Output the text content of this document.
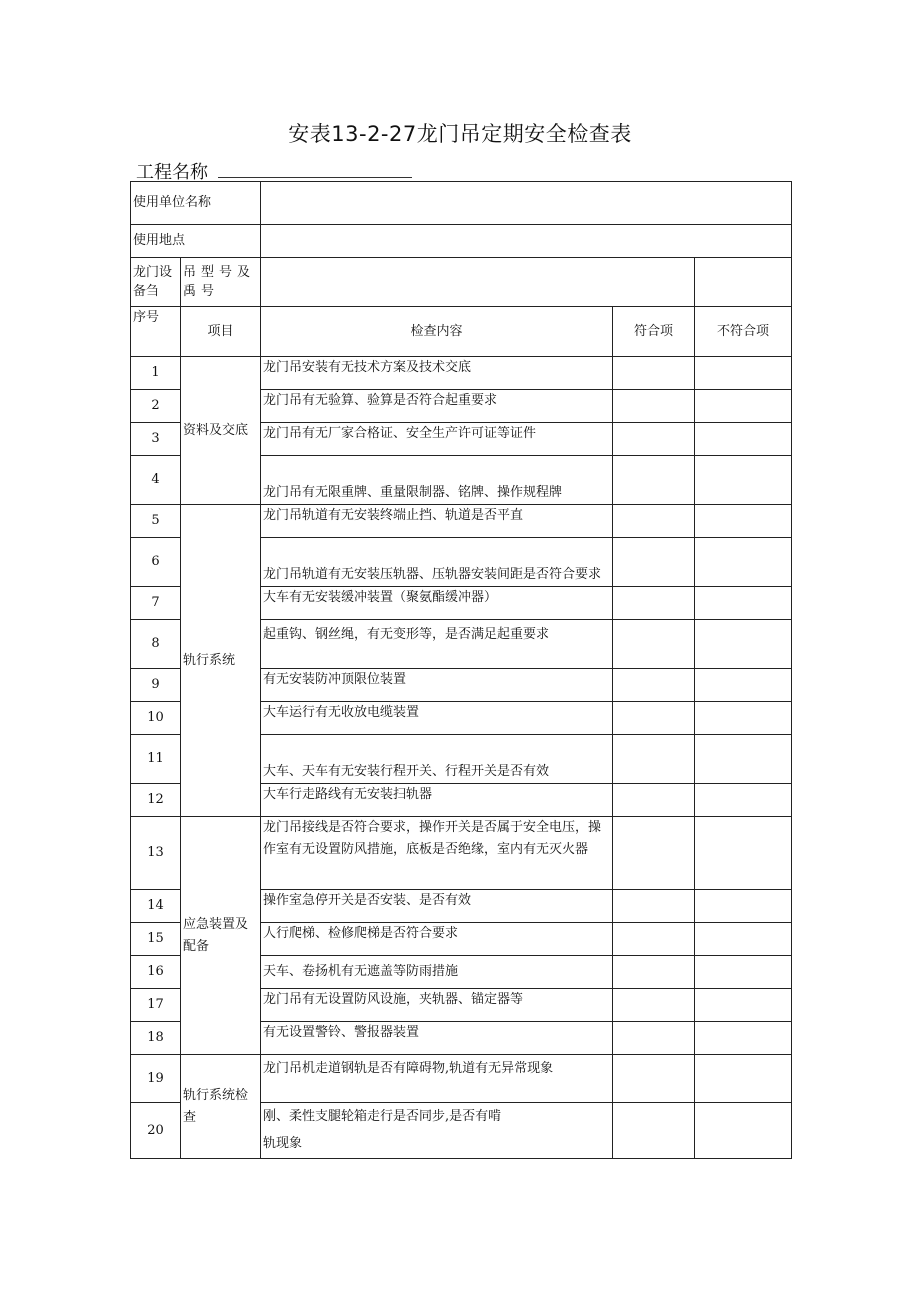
安表13-2-27龙门吊定期安全检查表
工程名称
使用单位名称				
使用地点				
龙门设备刍	吊型号及禹号			
序号	项目	检查内容	符合项	不符合项
1	资料及交底	龙门吊安装有无技术方案及技术交底		
2		龙门吊有无验算、验算是否符合起重要求		
3		龙门吊有无厂家合格证、安全生产许可证等证件		
4		龙门吊有无限重牌、重量限制器、铭牌、操作规程牌		
5	轨行系统	龙门吊轨道有无安装终端止挡、轨道是否平直		
6		龙门吊轨道有无安装压轨器、压轨器安装间距是否符合要求		
7		大车有无安装缓冲装置（聚氨酯缓冲器）		
8		起重钩、钢丝绳，有无变形等，是否满足起重要求		
9		有无安装防冲顶限位装置		
10		大车运行有无收放电缆装置		
11		大车、天车有无安装行程开关、行程开关是否有效		
12		大车行走路线有无安装扫轨器		
13	应急装置及配备	龙门吊接线是否符合要求，操作开关是否属于安全电压，操作室有无设置防风措施，底板是否绝缘，室内有无灭火器		
14		操作室急停开关是否安装、是否有效		
15		人行爬梯、检修爬梯是否符合要求		
16		天车、卷扬机有无遮盖等防雨措施		
17		龙门吊有无设置防风设施，夹轨器、锚定器等		
18		有无设置警铃、警报器装置		
19	轨行系统检查	龙门吊机走道钢轨是否有障碍物,轨道有无异常现象		
20		刚、柔性支腿轮箱走行是否同步,是否有啃轨现象		
